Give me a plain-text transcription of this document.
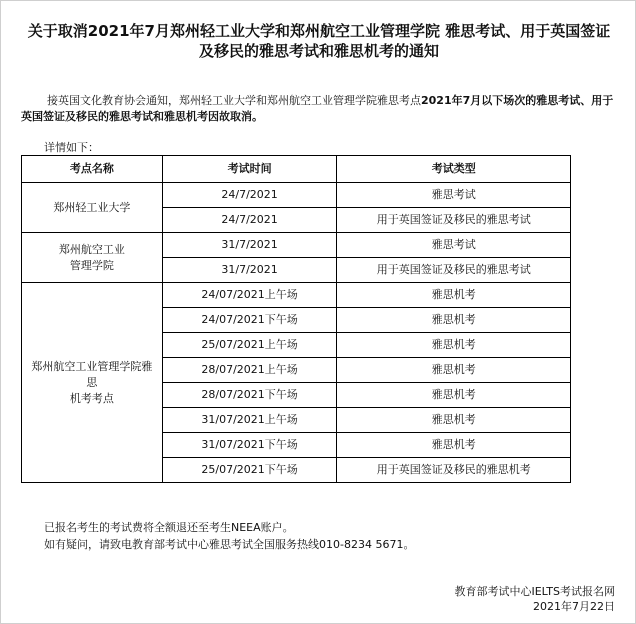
关于取消2021年7月郑州轻工业大学和郑州航空工业管理学院 雅思考试、用于英国签证及移民的雅思考试和雅思机考的通知

接英国文化教育协会通知，郑州轻工业大学和郑州航空工业管理学院雅思考点2021年7月以下场次的雅思考试、用于英国签证及移民的雅思考试和雅思机考因故取消。

详情如下：
考点名称	考试时间	考试类型
郑州轻工业大学	24/7/2021	雅思考试
	24/7/2021	用于英国签证及移民的雅思考试
郑州航空工业
管理学院	31/7/2021	雅思考试
	31/7/2021	用于英国签证及移民的雅思考试
郑州航空工业管理学院雅思
机考考点	24/07/2021上午场	雅思机考
	24/07/2021下午场	雅思机考
	25/07/2021上午场	雅思机考
	28/07/2021上午场	雅思机考
	28/07/2021下午场	雅思机考
	31/07/2021上午场	雅思机考
	31/07/2021下午场	雅思机考
	25/07/2021下午场	用于英国签证及移民的雅思机考

已报名考生的考试费将全额退还至考生NEEA账户。

如有疑问，请致电教育部考试中心雅思考试全国服务热线010-8234 5671。

教育部考试中心IELTS考试报名网
2021年7月22日
